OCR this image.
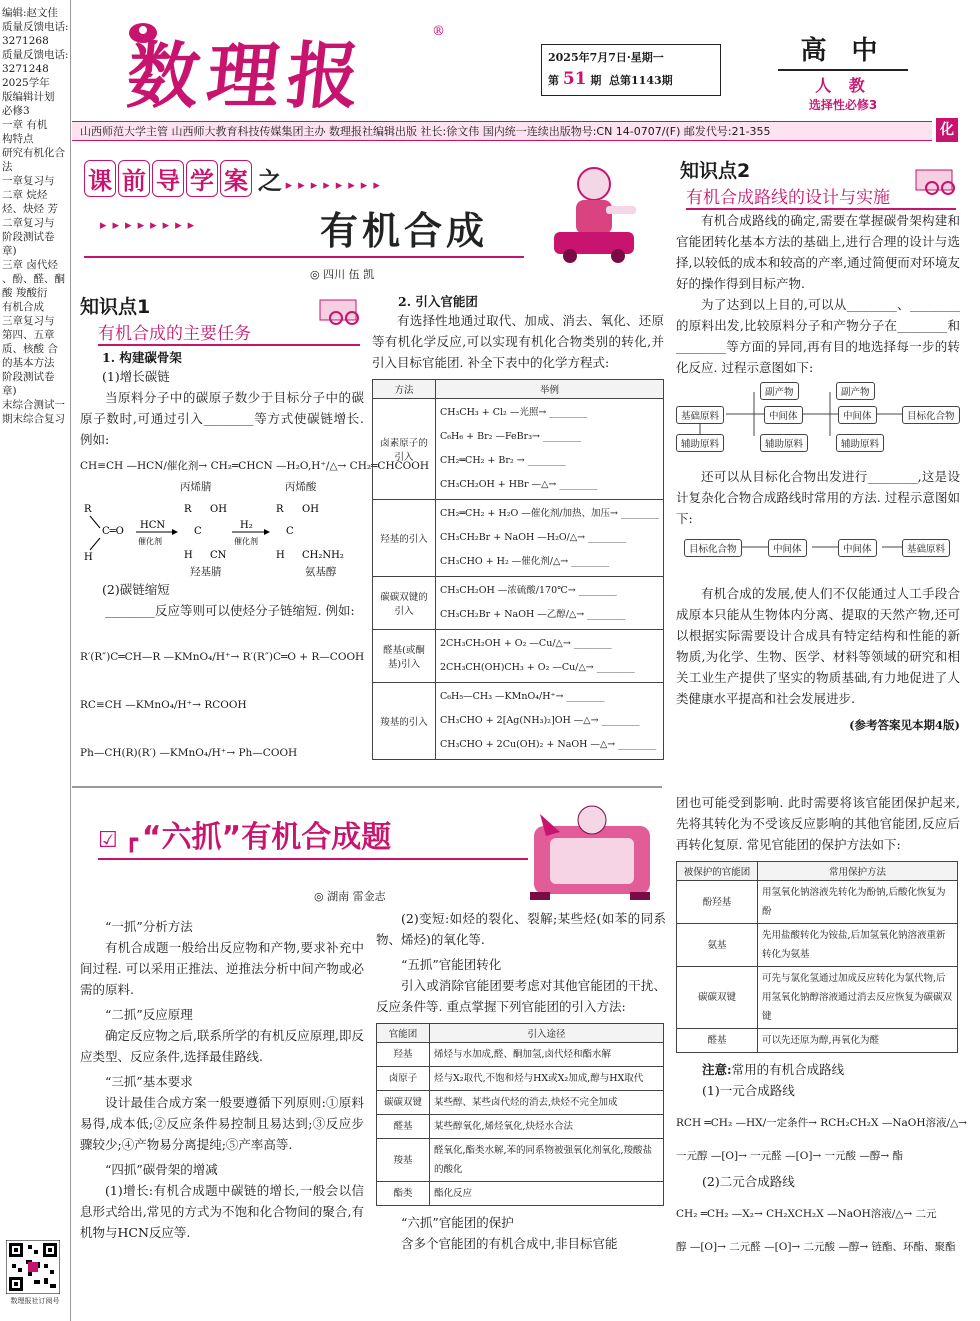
编辑:赵文佳
质量反馈电话:
3271268
质量反馈电话:
3271248
2025学年
版编辑计划
必修3
一章 有机
构特点
研究有机化合
法
一章复习与
二章 烷烃
烃、炔烃 芳
二章复习与
阶段测试卷
章)
三章 卤代烃
、酚、醛、酮
酸 羧酸衍
有机合成
三章复习与
第四、五章
质、核酸 合
的基本方法
阶段测试卷
章)
末综合测试一
期末综合复习
数理报社订阅号
数理报
®
2025年7月7日·星期一
第 51 期 总第1143期
高 中
人 教
选择性必修3
山西师范大学主管 山西师大教育科技传媒集团主办 数理报社编辑出版 社长:徐文伟 国内统一连续出版物号:CN 14-0707/(F) 邮发代号:21-355	化
课 前 导 学 案 之 ▸▸▸▸▸▸▸▸
▸▸▸▸▸▸▸▸	有机合成
◎ 四川 伍 凯
知识点1
有机合成的主要任务
1. 构建碳骨架
(1)增长碳链
当原料分子中的碳原子数少于目标分子中的碳原子数时,可通过引入________等方式使碳链增长. 例如:
CH≡CH —HCN/催化剂→ CH₂═CHCN —H₂O,H⁺/△→ CH₂═CHCOOH
丙烯腈	丙烯酸
R
C═O
H
HCN
催化剂
R OH
C
H CN
H₂
催化剂
R OH
C
H CH₂NH₂
羟基腈	氨基醇
(2)碳链缩短
________反应等则可以使烃分子链缩短. 例如:
R′(R″)C═CH—R —KMnO₄/H⁺→ R′(R″)C═O + R—COOH
RC≡CH —KMnO₄/H⁺→ RCOOH
Ph—CH(R)(R′) —KMnO₄/H⁺→ Ph—COOH
2. 引入官能团
有选择性地通过取代、加成、消去、氧化、还原等有机化学反应,可以实现有机化合物类别的转化,并引入目标官能团. 补全下表中的化学方程式:
方法	举例
卤素原子的引入	CH₃CH₃ + Cl₂ —光照→ ________
C₆H₆ + Br₂ —FeBr₃→ ________
CH₂═CH₂ + Br₂ → ________
CH₃CH₂OH + HBr —△→ ________

羟基的引入	CH₂═CH₂ + H₂O —催化剂/加热、加压→ ________
CH₃CH₂Br + NaOH —H₂O/△→ ________
CH₃CHO + H₂ —催化剂/△→ ________

碳碳双键的引入	CH₃CH₂OH —浓硫酸/170℃→ ________
CH₃CH₂Br + NaOH —乙醇/△→ ________

醛基(或酮基)引入	2CH₃CH₂OH + O₂ —Cu/△→ ________
2CH₃CH(OH)CH₃ + O₂ —Cu/△→ ________

羧基的引入	C₆H₅—CH₃ —KMnO₄/H⁺→ ________
CH₃CHO + 2[Ag(NH₃)₂]OH —△→ ________
CH₃CHO + 2Cu(OH)₂ + NaOH —△→ ________
知识点2
有机合成路线的设计与实施
有机合成路线的确定,需要在掌握碳骨架构建和官能团转化基本方法的基础上,进行合理的设计与选择,以较低的成本和较高的产率,通过简便而对环境友好的操作得到目标产物.
为了达到以上目的,可以从________、________的原料出发,比较原料分子和产物分子在________和________等方面的异同,再有目的地选择每一步的转化反应. 过程示意图如下:
基础原料
副产物	副产物
中间体	中间体	目标化合物
辅助原料	辅助原料	辅助原料
还可以从目标化合物出发进行________,这是设计复杂化合物合成路线时常用的方法. 过程示意图如下:
目标化合物	中间体	中间体	基础原料
有机合成的发展,使人们不仅能通过人工手段合成原本只能从生物体内分离、提取的天然产物,还可以根据实际需要设计合成具有特定结构和性能的新物质,为化学、生物、医学、材料等领域的研究和相关工业生产提供了坚实的物质基础,有力地促进了人类健康水平提高和社会发展进步.
(参考答案见本期4版)
☑ ┏ “六抓”有机合成题
◎ 湖南 雷金志
“一抓”分析方法
有机合成题一般给出反应物和产物,要求补充中间过程. 可以采用正推法、逆推法分析中间产物或必需的原料.
“二抓”反应原理
确定反应物之后,联系所学的有机反应原理,即反应类型、反应条件,选择最佳路线.
“三抓”基本要求
设计最佳合成方案一般要遵循下列原则:①原料易得,成本低;②反应条件易控制且易达到;③反应步骤较少;④产物易分离提纯;⑤产率高等.
“四抓”碳骨架的增减
(1)增长:有机合成题中碳链的增长,一般会以信息形式给出,常见的方式为不饱和化合物间的聚合,有机物与HCN反应等.
(2)变短:如烃的裂化、裂解;某些烃(如苯的同系物、烯烃)的氧化等.
“五抓”官能团转化
引入或消除官能团要考虑对其他官能团的干扰、反应条件等. 重点掌握下列官能团的引入方法:
官能团	引入途径
羟基	烯烃与水加成,醛、酮加氢,卤代烃和酯水解
卤原子	烃与X₂取代,不饱和烃与HX或X₂加成,醇与HX取代
碳碳双键	某些醇、某些卤代烃的消去,炔烃不完全加成
醛基	某些醇氧化,烯烃氧化,炔烃水合法
羧基	醛氧化,酯类水解,苯的同系物被强氧化剂氧化,羧酸盐的酸化
酯类	酯化反应
“六抓”官能团的保护
含多个官能团的有机合成中,非目标官能
团也可能受到影响. 此时需要将该官能团保护起来,先将其转化为不受该反应影响的其他官能团,反应后再转化复原. 常见官能团的保护方法如下:
被保护的官能团	常用保护方法
酚羟基	用氢氧化钠溶液先转化为酚钠,后酸化恢复为酚
氨基	先用盐酸转化为铵盐,后加氢氧化钠溶液重新转化为氨基
碳碳双键	可先与氯化氢通过加成反应转化为氯代物,后用氢氧化钠醇溶液通过消去反应恢复为碳碳双键
醛基	可以先还原为醇,再氧化为醛
注意:常用的有机合成路线
(1)一元合成路线
RCH ═CH₂ —HX/一定条件→ RCH₂CH₂X —NaOH溶液/△→
一元醇 —[O]→ 一元醛 —[O]→ 一元酸 —醇→ 酯
(2)二元合成路线
CH₂ ═CH₂ —X₂→ CH₂XCH₂X —NaOH溶液/△→ 二元
醇 —[O]→ 二元醛 —[O]→ 二元酸 —醇→ 链酯、环酯、聚酯
